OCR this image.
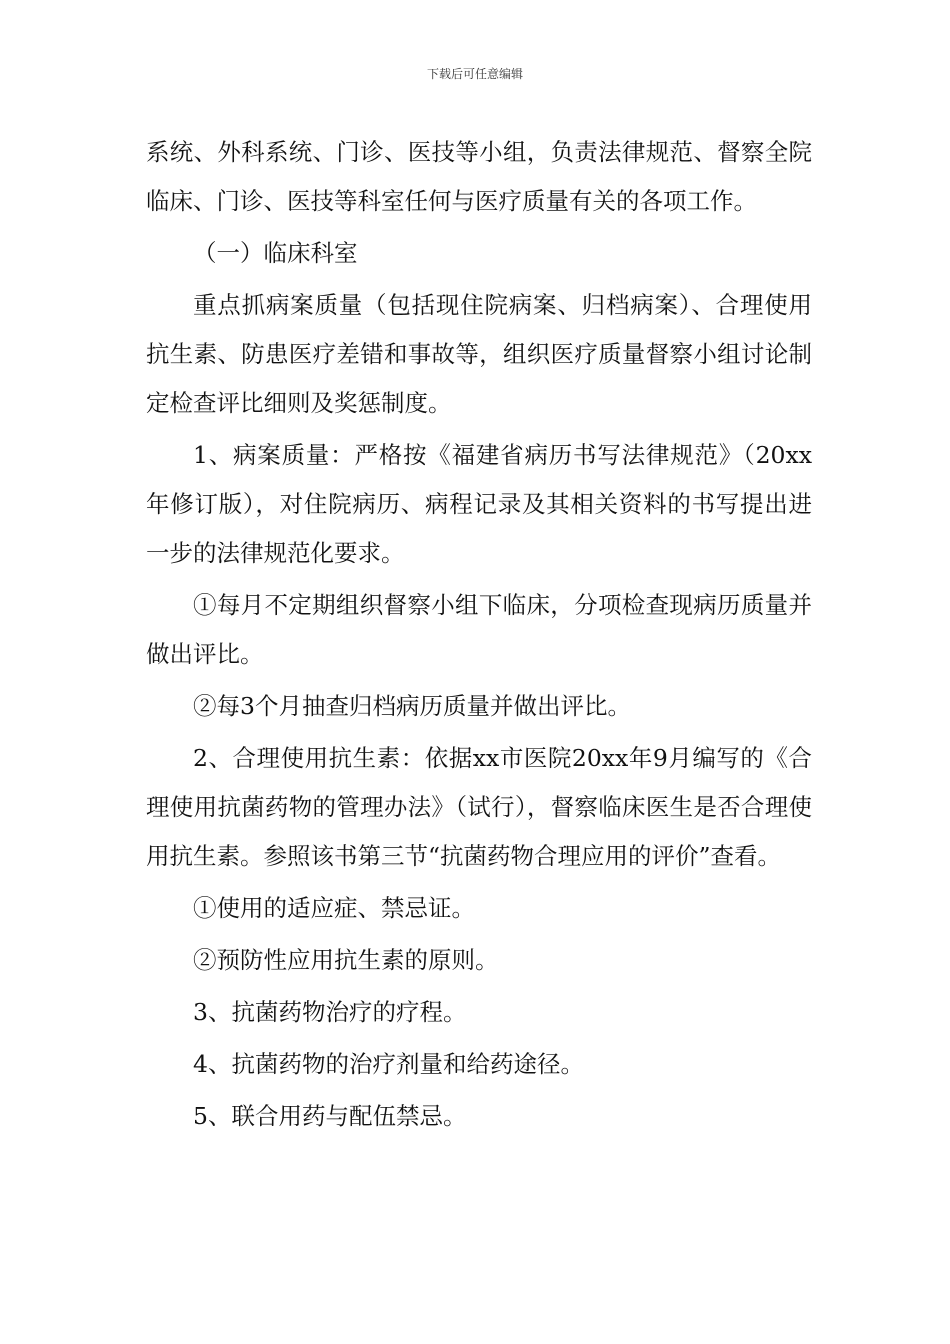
下载后可任意编辑

系统、外科系统、门诊、医技等小组，负责法律规范、督察全院临床、门诊、医技等科室任何与医疗质量有关的各项工作。

（一）临床科室

重点抓病案质量（包括现住院病案、归档病案）、合理使用抗生素、防患医疗差错和事故等，组织医疗质量督察小组讨论制定检查评比细则及奖惩制度。

1、病案质量：严格按《福建省病历书写法律规范》（20xx年修订版），对住院病历、病程记录及其相关资料的书写提出进一步的法律规范化要求。

①每月不定期组织督察小组下临床，分项检查现病历质量并做出评比。

②每3个月抽查归档病历质量并做出评比。

2、合理使用抗生素：依据xx市医院20xx年9月编写的《合理使用抗菌药物的管理办法》（试行），督察临床医生是否合理使用抗生素。参照该书第三节“抗菌药物合理应用的评价”查看。

①使用的适应症、禁忌证。

②预防性应用抗生素的原则。

3、抗菌药物治疗的疗程。

4、抗菌药物的治疗剂量和给药途径。

5、联合用药与配伍禁忌。
